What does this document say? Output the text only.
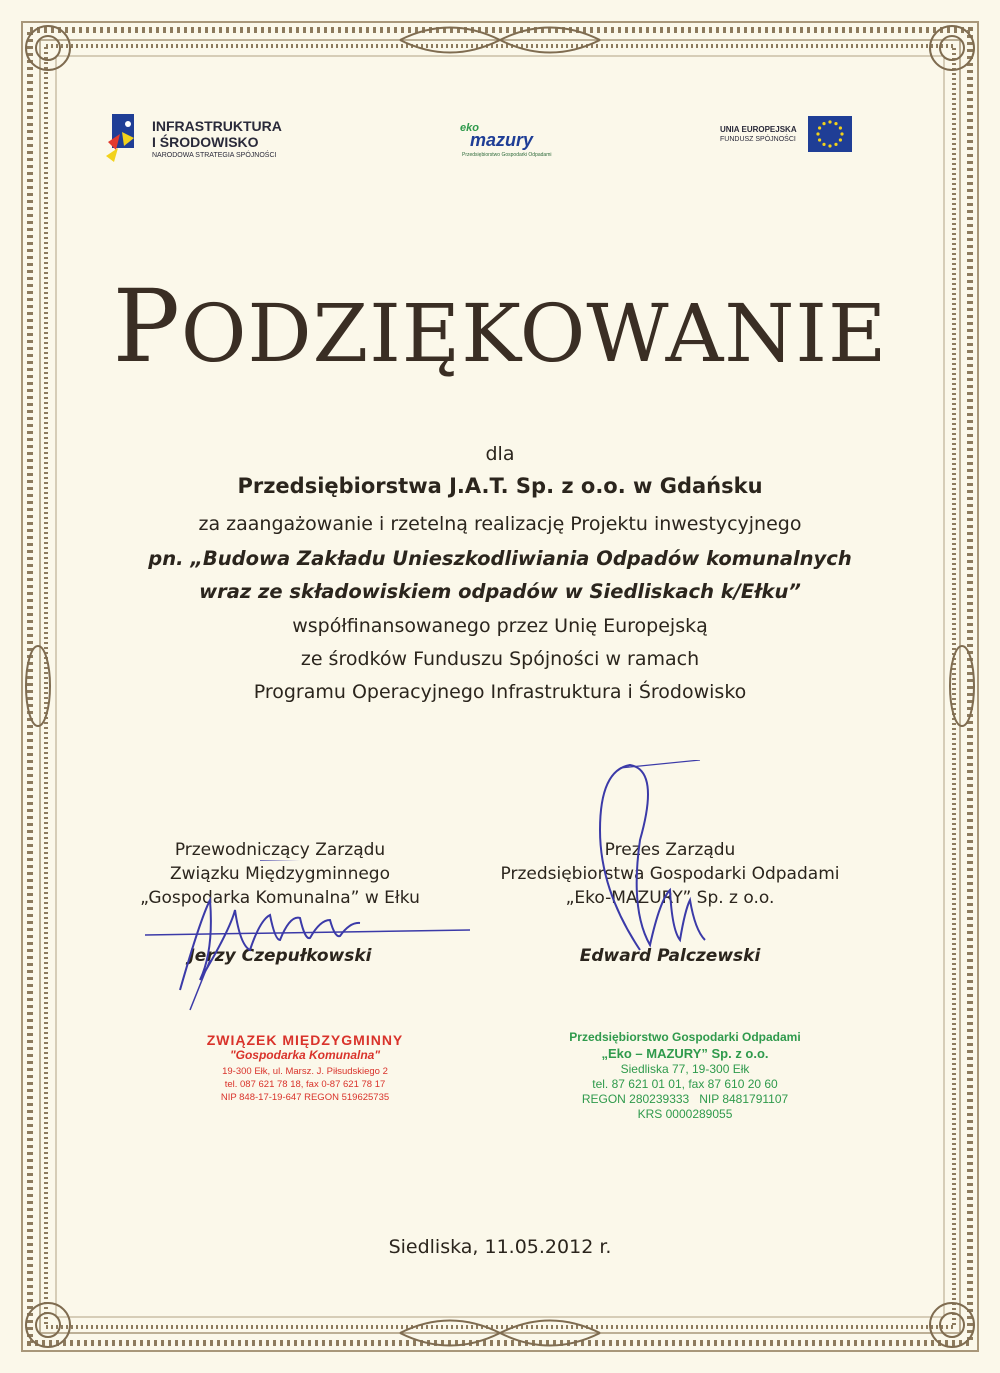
INFRASTRUKTURA
I ŚRODOWISKO
NARODOWA STRATEGIA SPÓJNOŚCI
eko
mazury
Przedsiębiorstwo Gospodarki Odpadami
UNIA EUROPEJSKA
FUNDUSZ SPÓJNOŚCI
PODZIĘKOWANIE
dla
Przedsiębiorstwa J.A.T. Sp. z o.o. w Gdańsku
za zaangażowanie i rzetelną realizację Projektu inwestycyjnego
pn. „Budowa Zakładu Unieszkodliwiania Odpadów komunalnych
wraz ze składowiskiem odpadów w Siedliskach k/Ełku”
współfinansowanego przez Unię Europejską
ze środków Funduszu Spójności w ramach
Programu Operacyjnego Infrastruktura i Środowisko
Przewodniczący Zarządu
Związku Międzygminnego
„Gospodarka Komunalna” w Ełku
Jerzy Czepułkowski
Prezes Zarządu
Przedsiębiorstwa Gospodarki Odpadami
„Eko-MAZURY” Sp. z o.o.
Edward Palczewski
ZWIĄZEK MIĘDZYGMINNY
"Gospodarka Komunalna"
19-300 Ełk, ul. Marsz. J. Piłsudskiego 2
tel. 087 621 78 18, fax 0-87 621 78 17
NIP 848-17-19-647 REGON 519625735
Przedsiębiorstwo Gospodarki Odpadami
„Eko – MAZURY” Sp. z o.o.
Siedliska 77, 19-300 Ełk
tel. 87 621 01 01, fax 87 610 20 60
REGON 280239333   NIP 8481791107
KRS 0000289055
Siedliska, 11.05.2012 r.
